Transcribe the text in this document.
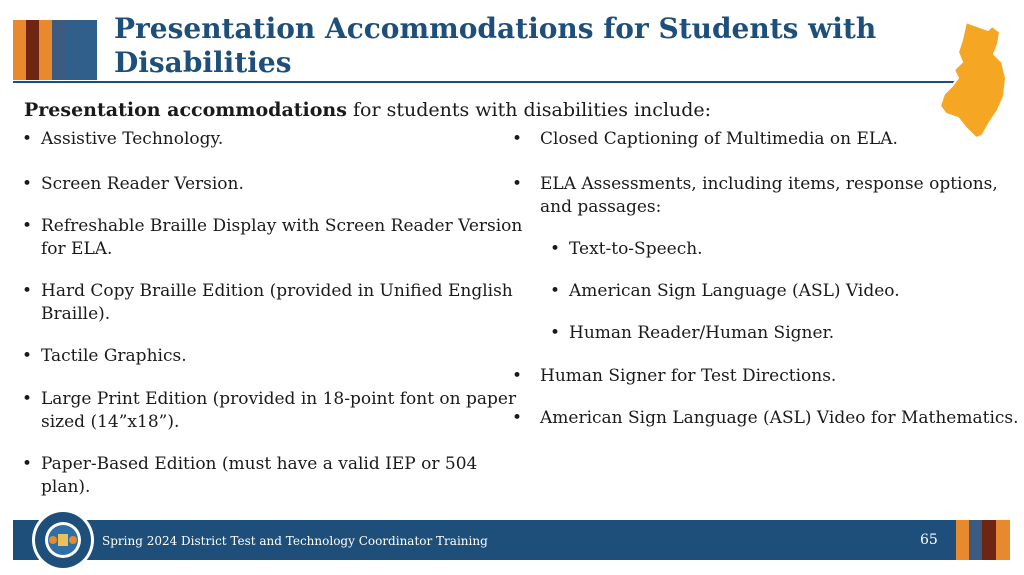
Presentation Accommodations for Students with Disabilities
Presentation accommodations for students with disabilities include:
• Assistive Technology.
• Screen Reader Version.
• Refreshable Braille Display with Screen Reader Version for ELA.
• Hard Copy Braille Edition (provided in Unified English Braille).
• Tactile Graphics.
• Large Print Edition (provided in 18-point font on paper sized (14”x18”).
• Paper-Based Edition (must have a valid IEP or 504 plan).
• Closed Captioning of Multimedia on ELA.
• ELA Assessments, including items, response options, and passages:
• Text-to-Speech.
• American Sign Language (ASL) Video.
• Human Reader/Human Signer.
• Human Signer for Test Directions.
• American Sign Language (ASL) Video for Mathematics.
Spring 2024 District Test and Technology Coordinator Training	65
